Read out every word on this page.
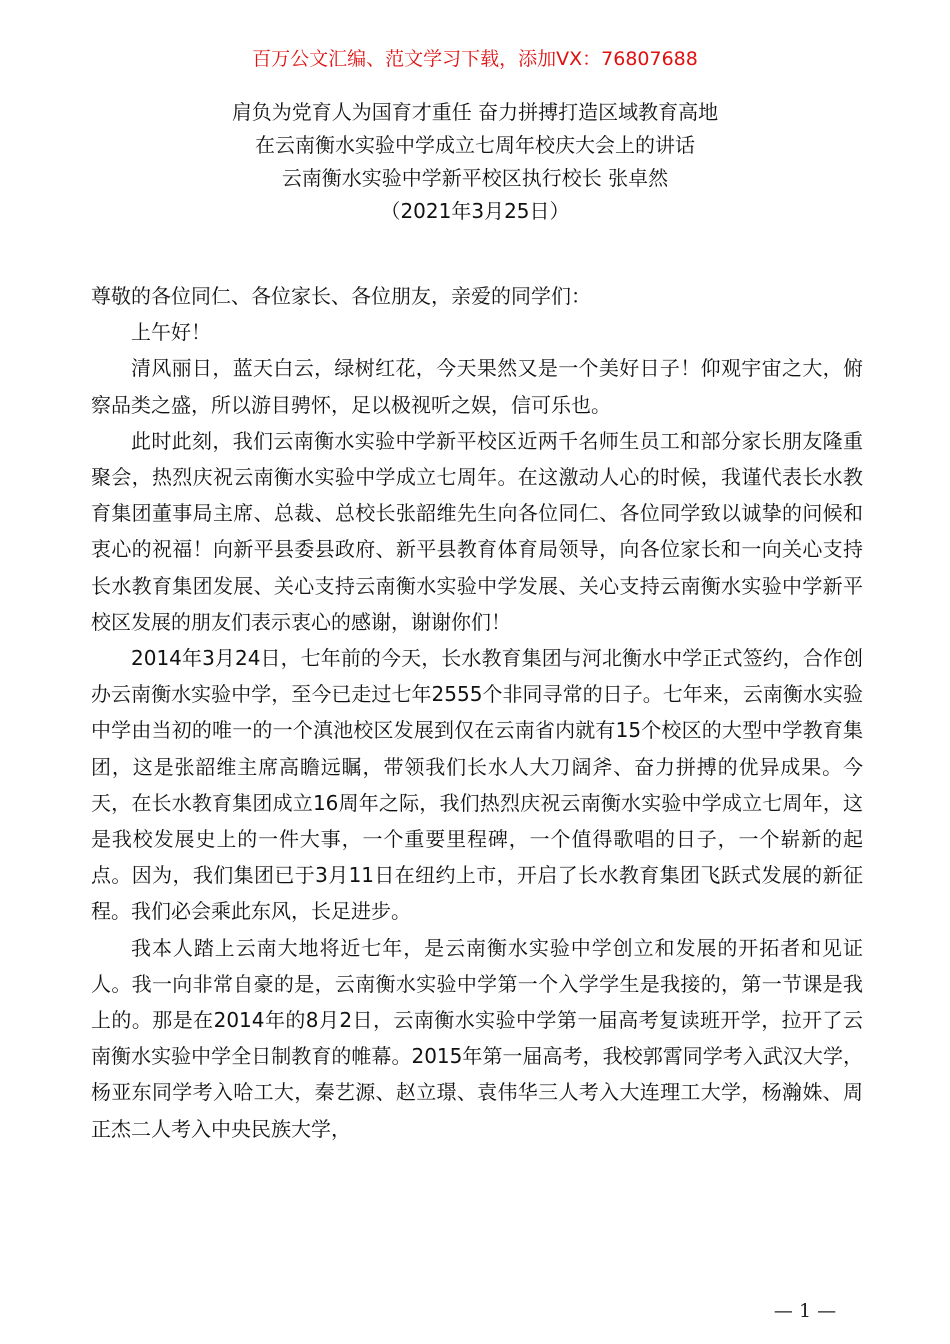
百万公文汇编、范文学习下载，添加VX：76807688
肩负为党育人为国育才重任 奋力拼搏打造区域教育高地
在云南衡水实验中学成立七周年校庆大会上的讲话
云南衡水实验中学新平校区执行校长 张卓然
（2021年3月25日）

尊敬的各位同仁、各位家长、各位朋友，亲爱的同学们：

上午好！

清风丽日，蓝天白云，绿树红花，今天果然又是一个美好日子！仰观宇宙之大，俯察品类之盛，所以游目骋怀，足以极视听之娱，信可乐也。

此时此刻，我们云南衡水实验中学新平校区近两千名师生员工和部分家长朋友隆重聚会，热烈庆祝云南衡水实验中学成立七周年。在这激动人心的时候，我谨代表长水教育集团董事局主席、总裁、总校长张韶维先生向各位同仁、各位同学致以诚挚的问候和衷心的祝福！向新平县委县政府、新平县教育体育局领导，向各位家长和一向关心支持长水教育集团发展、关心支持云南衡水实验中学发展、关心支持云南衡水实验中学新平校区发展的朋友们表示衷心的感谢，谢谢你们！

2014年3月24日，七年前的今天，长水教育集团与河北衡水中学正式签约，合作创办云南衡水实验中学，至今已走过七年2555个非同寻常的日子。七年来，云南衡水实验中学由当初的唯一的一个滇池校区发展到仅在云南省内就有15个校区的大型中学教育集团，这是张韶维主席高瞻远瞩，带领我们长水人大刀阔斧、奋力拼搏的优异成果。今天，在长水教育集团成立16周年之际，我们热烈庆祝云南衡水实验中学成立七周年，这是我校发展史上的一件大事，一个重要里程碑，一个值得歌唱的日子，一个崭新的起点。因为，我们集团已于3月11日在纽约上市，开启了长水教育集团飞跃式发展的新征程。我们必会乘此东风，长足进步。

我本人踏上云南大地将近七年，是云南衡水实验中学创立和发展的开拓者和见证人。我一向非常自豪的是，云南衡水实验中学第一个入学学生是我接的，第一节课是我上的。那是在2014年的8月2日，云南衡水实验中学第一届高考复读班开学，拉开了云南衡水实验中学全日制教育的帷幕。2015年第一届高考，我校郭霄同学考入武汉大学，杨亚东同学考入哈工大，秦艺源、赵立璟、袁伟华三人考入大连理工大学，杨瀚姝、周正杰二人考入中央民族大学，

— 1 —
